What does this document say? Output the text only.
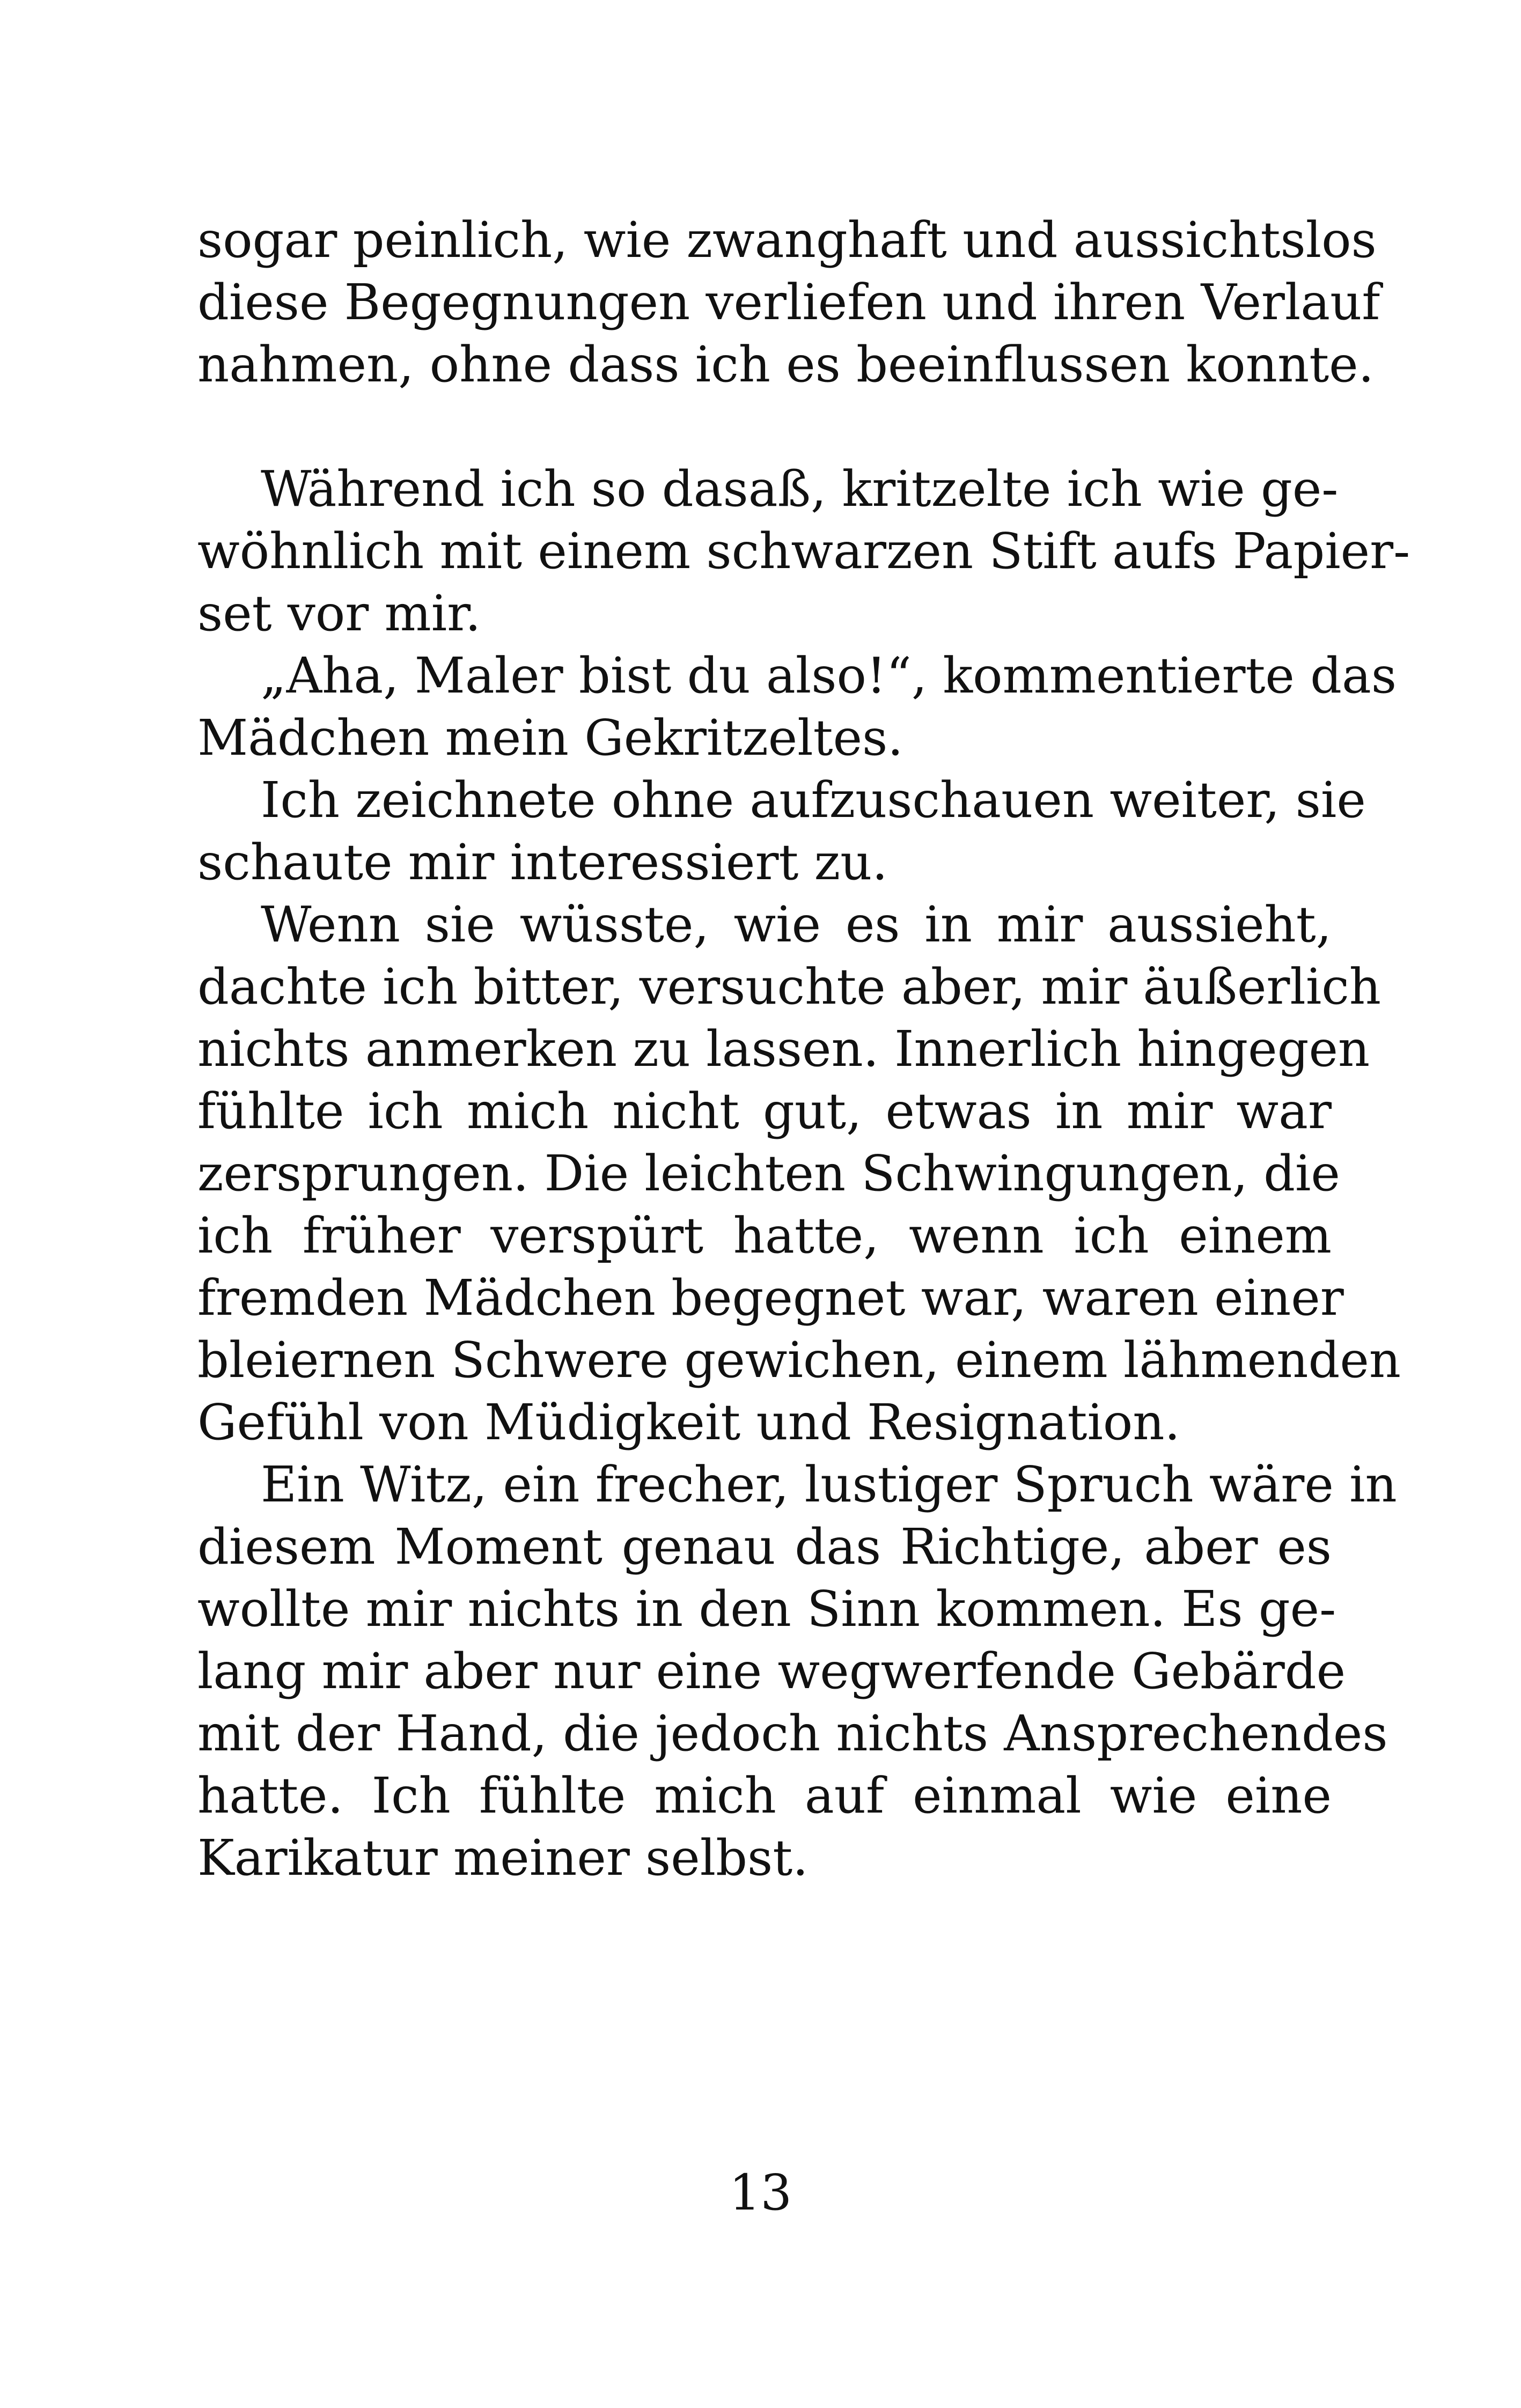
sogar peinlich, wie zwanghaft und aussichtslos
diese Begegnungen verliefen und ihren Verlauf
nahmen, ohne dass ich es beeinflussen konnte.
Während ich so dasaß, kritzelte ich wie ge-
wöhnlich mit einem schwarzen Stift aufs Papier-
set vor mir.
„Aha, Maler bist du also!“, kommentierte das
Mädchen mein Gekritzeltes.
Ich zeichnete ohne aufzuschauen weiter, sie
schaute mir interessiert zu.
Wenn sie wüsste, wie es in mir aussieht,
dachte ich bitter, versuchte aber, mir äußerlich
nichts anmerken zu lassen. Innerlich hingegen
fühlte ich mich nicht gut, etwas in mir war
zersprungen. Die leichten Schwingungen, die
ich früher verspürt hatte, wenn ich einem
fremden Mädchen begegnet war, waren einer
bleiernen Schwere gewichen, einem lähmenden
Gefühl von Müdigkeit und Resignation.
Ein Witz, ein frecher, lustiger Spruch wäre in
diesem Moment genau das Richtige, aber es
wollte mir nichts in den Sinn kommen. Es ge-
lang mir aber nur eine wegwerfende Gebärde
mit der Hand, die jedoch nichts Ansprechendes
hatte. Ich fühlte mich auf einmal wie eine
Karikatur meiner selbst.
13
